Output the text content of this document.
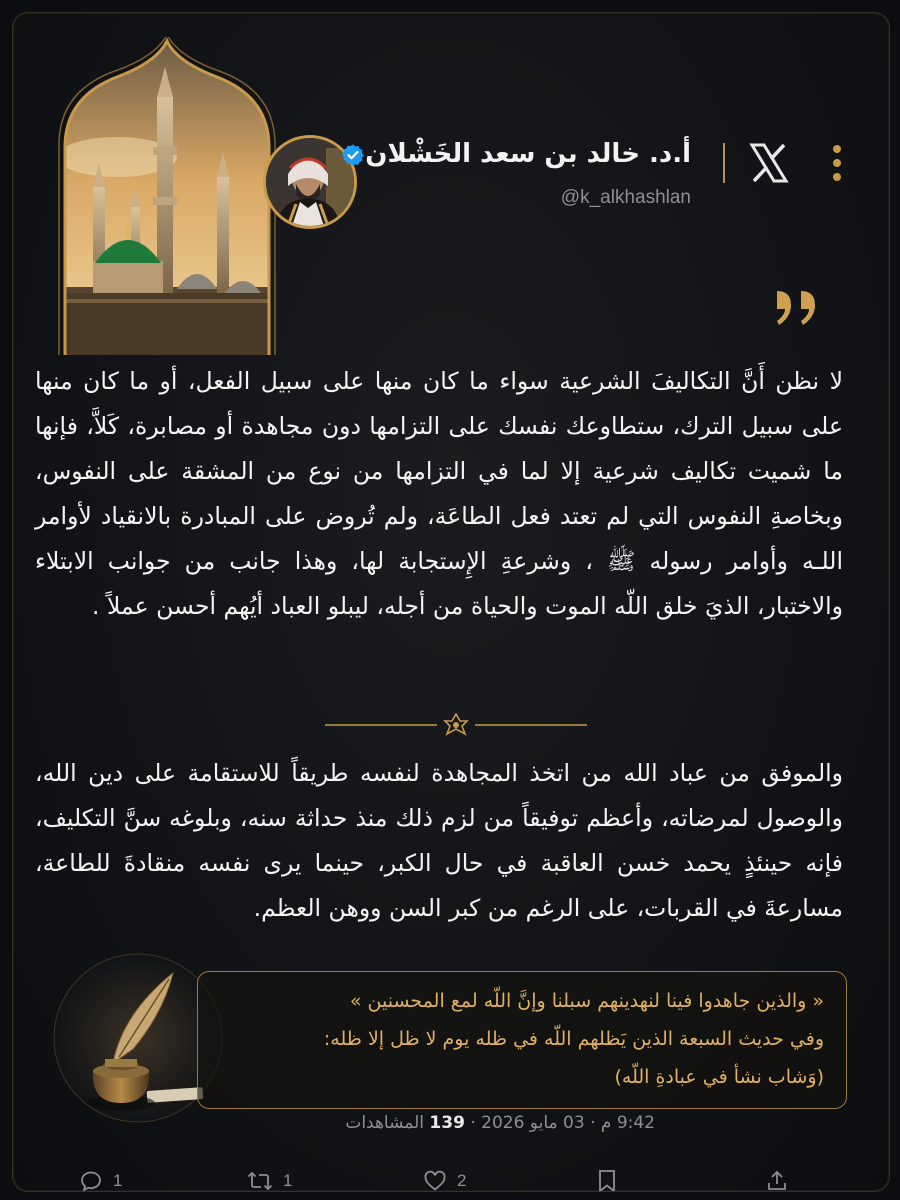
أ.د. خالد بن سعد الخَشْلان
@k_alkhashlan
لا نظن أَنَّ التكاليفَ الشرعية سواء ما كان منها على سبيل الفعل، أو ما كان منها على سبيل الترك، ستطاوعك نفسك على التزامها دون مجاهدة أو مصابرة، كَلاَّ، فإنها ما شميت تكاليف شرعية إلا لما في التزامها من نوع من المشقة على النفوس، وبخاصةِ النفوس التي لم تعتد فعل الطاعَة، ولم تُروض على المبادرة بالانقياد لأوامر اللـه وأوامر رسوله ﷺ ، وشرعةِ الإِستجابة لها، وهذا جانب من جوانب الابتلاء والاختبار، الذيَ خلق اللّه الموت والحياة من أجله، ليبلو العباد أيُهم أحسن عملاً .
والموفق من عباد الله من اتخذ المجاهدة لنفسه طريقاً للاستقامة على دين الله، والوصول لمرضاته، وأعظم توفيقاً من لزم ذلك منذ حداثة سنه، وبلوغه سنَّ التكليف، فإنه حينئذٍ يحمد خسن العاقبة في حال الكبر، حينما يرى نفسه منقادةَ للطاعة، مسارعةَ في القربات، على الرغم من كبر السن ووهن العظم.
« والذين جاهدوا فينا لنهدينهم سبلنا وإنَّ اللّه لمع المحسنين »
وفي حديث السبعة الذين يَظلهم اللّه في ظله يوم لا ظل إلا ظله:
(وَشاب نشأ في عبادةِ اللّه)
9:42 م · 03 مايو 2026 · 139 المشاهدات
1	1	2
